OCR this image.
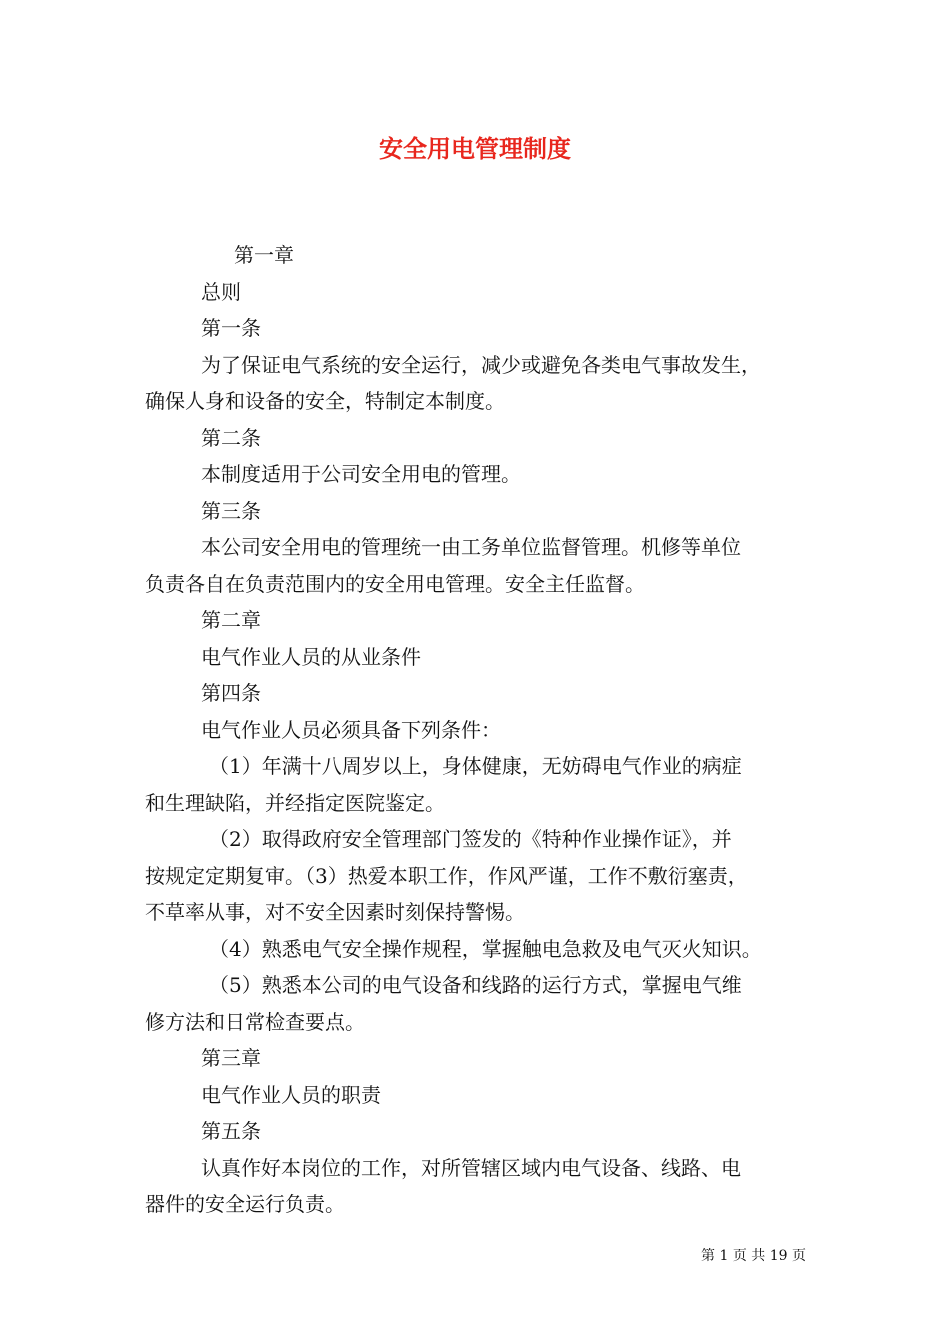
安全用电管理制度
第一章
总则
第一条
为了保证电气系统的安全运行，减少或避免各类电气事故发生，
确保人身和设备的安全，特制定本制度。
第二条
本制度适用于公司安全用电的管理。
第三条
本公司安全用电的管理统一由工务单位监督管理。机修等单位
负责各自在负责范围内的安全用电管理。安全主任监督。
第二章
电气作业人员的从业条件
第四条
电气作业人员必须具备下列条件：
（1）年满十八周岁以上，身体健康，无妨碍电气作业的病症
和生理缺陷，并经指定医院鉴定。
（2）取得政府安全管理部门签发的《特种作业操作证》，并
按规定定期复审。（3）热爱本职工作，作风严谨，工作不敷衍塞责，
不草率从事，对不安全因素时刻保持警惕。
（4）熟悉电气安全操作规程，掌握触电急救及电气灭火知识。
（5）熟悉本公司的电气设备和线路的运行方式，掌握电气维
修方法和日常检查要点。
第三章
电气作业人员的职责
第五条
认真作好本岗位的工作，对所管辖区域内电气设备、线路、电
器件的安全运行负责。
第 1 页 共 19 页
